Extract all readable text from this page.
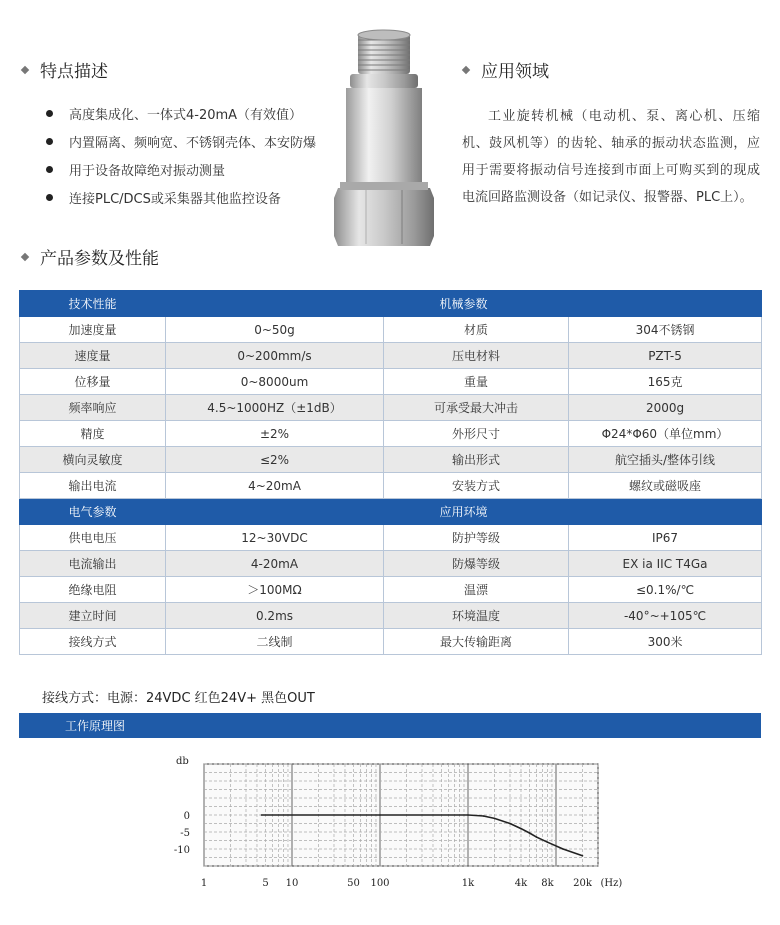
特点描述
高度集成化、一体式4-20mA（有效值）
内置隔离、频响宽、不锈钢壳体、本安防爆
用于设备故障绝对振动测量
连接PLC/DCS或采集器其他监控设备
应用领域
工业旋转机械（电动机、泵、离心机、压缩机、鼓风机等）的齿轮、轴承的振动状态监测，应用于需要将振动信号连接到市面上可购买到的现成电流回路监测设备（如记录仪、报警器、PLC上）。
产品参数及性能
技术性能	机械参数		
加速度量	0~50g	材质	304不锈钢
速度量	0~200mm/s	压电材料	PZT-5
位移量	0~8000um	重量	165克
频率响应	4.5~1000HZ（±1dB）	可承受最大冲击	2000g
精度	±2%	外形尺寸	Φ24*Φ60（单位mm）
横向灵敏度	≤2%	输出形式	航空插头/整体引线
输出电流	4~20mA	安装方式	螺纹或磁吸座
电气参数	应用环境		
供电电压	12~30VDC	防护等级	IP67
电流输出	4-20mA	防爆等级	EX ia IIC T4Ga
绝缘电阻	＞100MΩ	温漂	≤0.1%/℃
建立时间	0.2ms	环境温度	-40°~+105℃
接线方式	二线制	最大传输距离	300米
接线方式：电源：24VDC 红色24V+ 黑色OUT
工作原理图
db
0
-5
-10
1	5 10	50 100	1k	4k 8k 20k (Hz)
